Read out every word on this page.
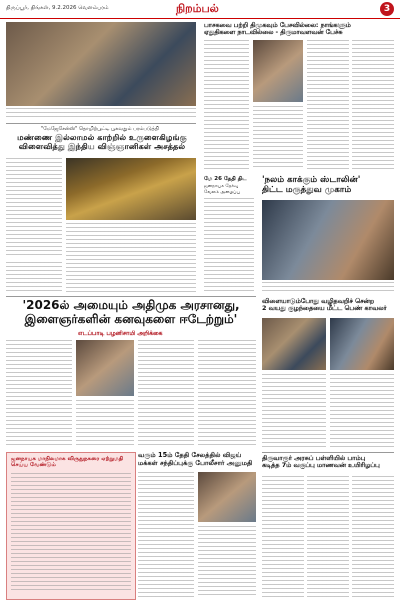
திருப்பூர், திங்கள், 9.2.2026 வெளம்பரம்	நிறம்பல்	3
"மேஜேசேன்ஸ்" தொழிற்பூட்டி பூசுவதும் பரம்படுத்தி
மண்ணை இல்லாமல் காற்றில் உருளைகிழங்கு
விளைவித்து இந்திய விஞ்ஞானிகள் அசத்தல்
பாசகவை பற்றி திமுகவும் பேசவில்லை: நாங்களும்
ஏதுதிகளை நாடவில்லை - திருமாவளவன் பேச்சு
மே 26 தேதி திட
ஜனநாயக தேர்வு வேலம் அழைப்பு
'நலம் காக்கும் ஸ்டாலின்'
திட்ட மருத்துவ முகாம்
'2026ல் அமையும் அதிமுக அரசானது,
இளைஞர்களின் கனவுகளை ஈடேற்றும்'
எடப்பாடி பழனிசாமி அறிக்கை
விளையாடும்போது வழிதவறிச் சென்ற
2 வயது குழந்தையை மீட்ட பெண் காவலர்
ஜனநாயக மாநிலமாக விருதுநகரை ஏற்றுமதி செய்ய வேண்டும்
வரும் 15ம் தேதி சேலத்தில் விஜய்
மக்கள் சந்திப்புக்கு போலீசார் அனுமதி
திருவாரூர் அரசுப் பள்ளியில் பாம்பு
கடித்த 7ம் வகுப்பு மாணவன் உயிரிழப்பு
